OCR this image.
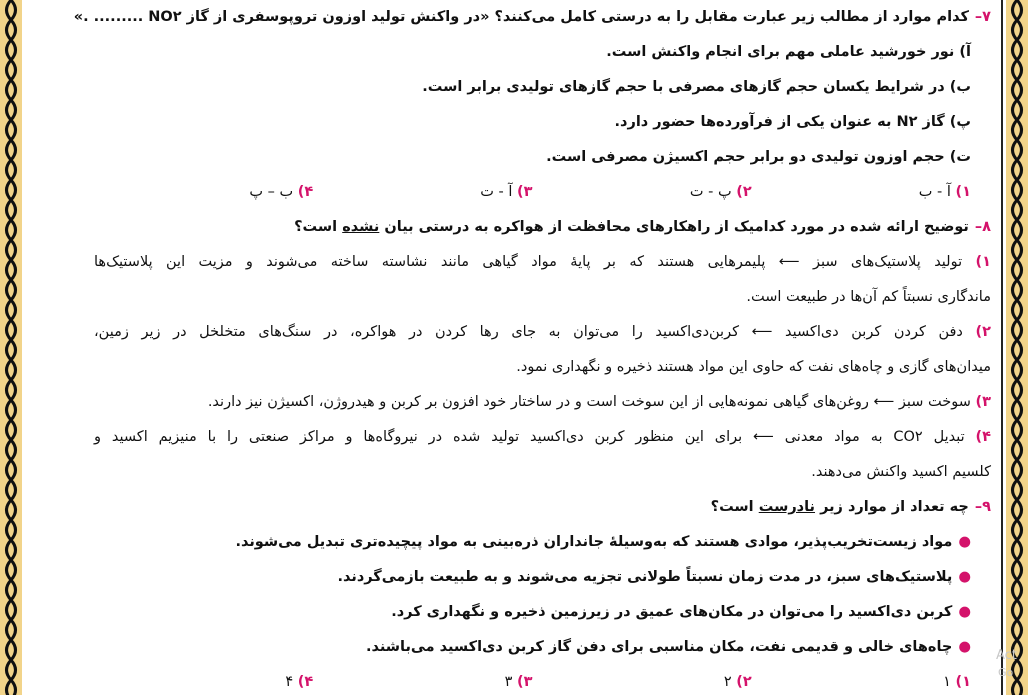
۷–کدام موارد از مطالب زیر عبارت مقابل را به درستی کامل می‌کنند؟ «در واکنش تولید اوزون تروپوسفری از گاز NO۲ ......... .»
آ) نور خورشید عاملی مهم برای انجام واکنش است.
ب) در شرایط یکسان حجم گازهای مصرفی با حجم گازهای تولیدی برابر است.
پ) گاز N۲ به عنوان یکی از فرآورده‌ها حضور دارد.
ت) حجم اوزون تولیدی دو برابر حجم اکسیژن مصرفی است.
۱) آ - ب
۲) پ - ت
۳) آ - ت
۴) ب – پ
۸–توضیح ارائه شده در مورد کدامیک از راهکارهای محافظت از هواکره به درستی بیان نشده است؟
۱) تولید پلاستیک‌های سبز ⟵ پلیمرهایی هستند که بر پایۀ مواد گیاهی مانند نشاسته ساخته می‌شوند و مزیت این پلاستیک‌ها
ماندگاری نسبتاً کم آن‌ها در طبیعت است.
۲) دفن کردن کربن دی‌اکسید ⟵ کربن‌دی‌اکسید را می‌توان به جای رها کردن در هواکره، در سنگ‌های متخلخل در زیر زمین،
میدان‌های گازی و چاه‌های نفت که حاوی این مواد هستند ذخیره و نگهداری نمود.
۳) سوخت سبز ⟵ روغن‌های گیاهی نمونه‌هایی از این سوخت است و در ساختار خود افزون بر کربن و هیدروژن، اکسیژن نیز دارند.
۴) تبدیل CO۲ به مواد معدنی ⟵ برای این منظور کربن دی‌اکسید تولید شده در نیروگاه‌ها و مراکز صنعتی را با منیزیم اکسید و
کلسیم اکسید واکنش می‌دهند.
۹–چه تعداد از موارد زیر نادرست است؟
●مواد زیست‌تخریب‌پذیر، موادی هستند که به‌وسیلۀ جانداران ذره‌بینی به مواد پیچیده‌تری تبدیل می‌شوند.
●پلاستیک‌های سبز، در مدت زمان نسبتاً طولانی تجزیه می‌شوند و به طبیعت بازمی‌گردند.
●کربن دی‌اکسید را می‌توان در مکان‌های عمیق در زیرزمین ذخیره و نگهداری کرد.
●چاه‌های خالی و قدیمی نفت، مکان مناسبی برای دفن گاز کربن دی‌اکسید می‌باشند.
۱) ۱
۲) ۲
۳) ۳
۴) ۴
Act
Go
